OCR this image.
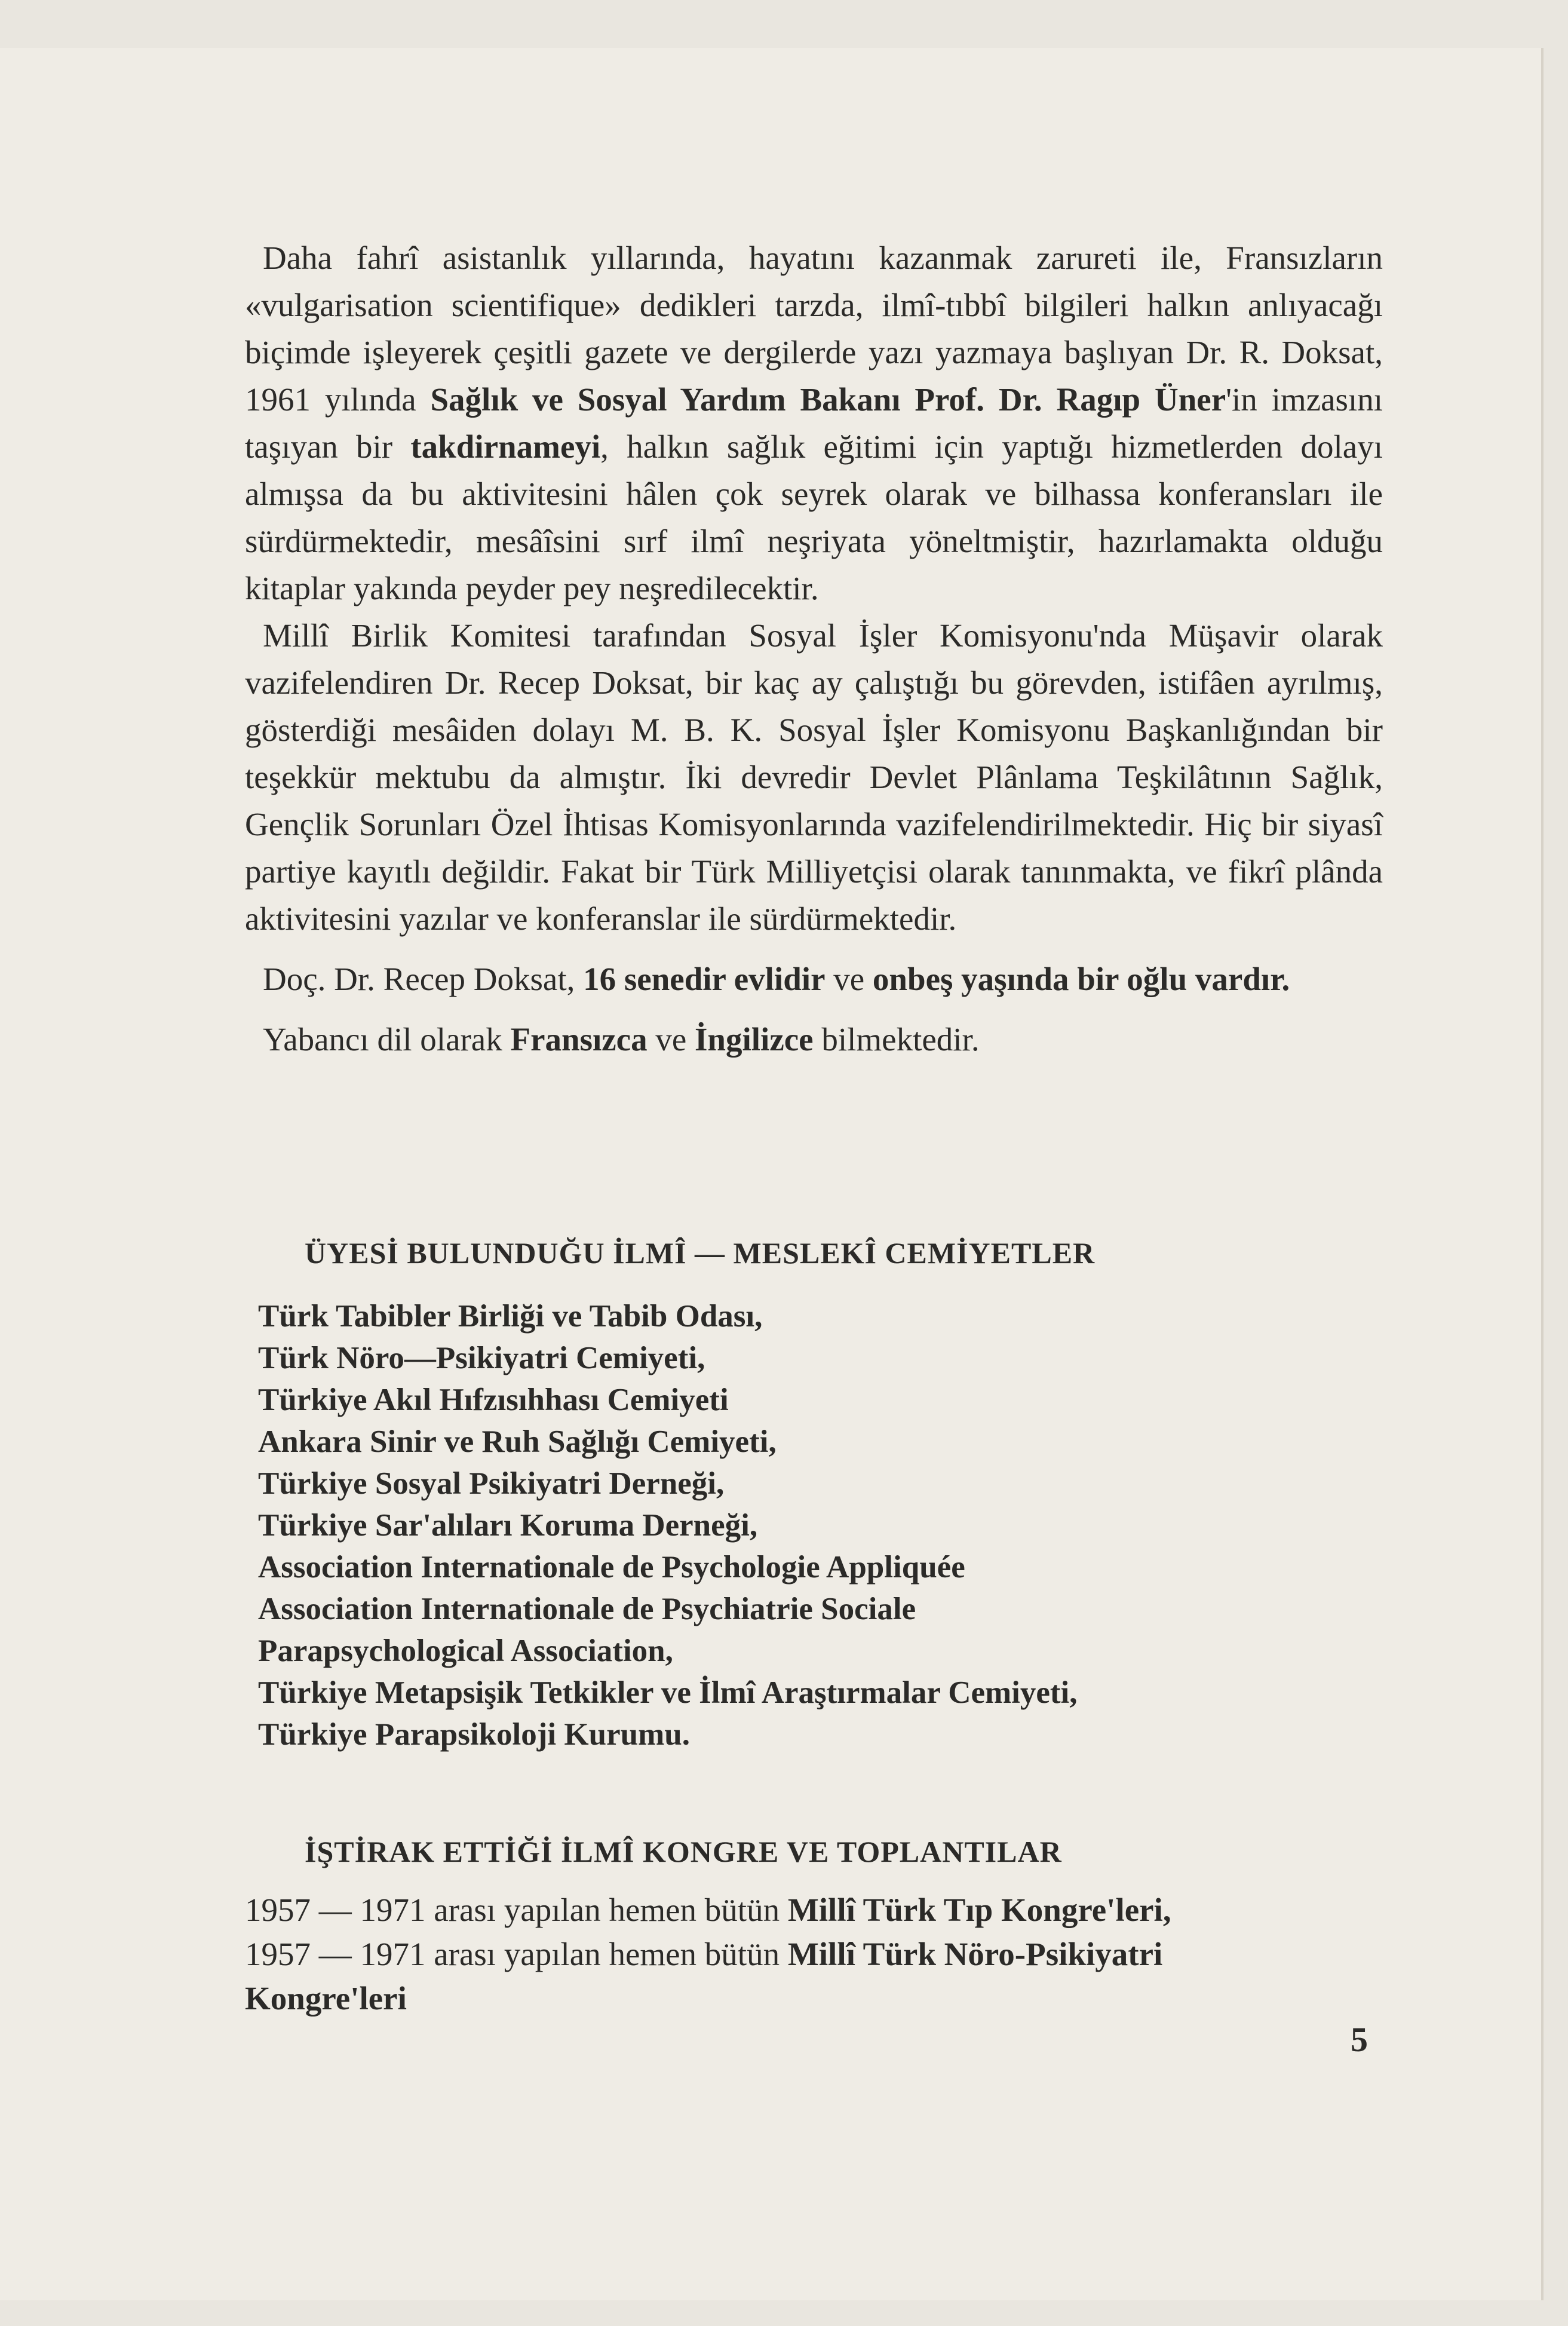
Daha fahrî asistanlık yıllarında, hayatını kazanmak zarureti ile, Fransızların «vulgarisation scientifique» dedikleri tarzda, ilmî-tıbbî bilgileri halkın anlıyacağı biçimde işleyerek çeşitli gazete ve dergilerde yazı yazmaya başlıyan Dr. R. Doksat, 1961 yılında Sağlık ve Sosyal Yardım Bakanı Prof. Dr. Ragıp Üner'in imzasını taşıyan bir takdirnameyi, halkın sağlık eğitimi için yaptığı hizmetlerden dolayı almışsa da bu aktivitesini hâlen çok seyrek olarak ve bilhassa konferansları ile sürdürmektedir, mesâîsini sırf ilmî neşriyata yöneltmiştir, hazırlamakta olduğu kitaplar yakında peyder pey neşredilecektir.

Millî Birlik Komitesi tarafından Sosyal İşler Komisyonu'nda Müşavir olarak vazifelendiren Dr. Recep Doksat, bir kaç ay çalıştığı bu görevden, istifâen ayrılmış, gösterdiği mesâiden dolayı M. B. K. Sosyal İşler Komisyonu Başkanlığından bir teşekkür mektubu da almıştır. İki devredir Devlet Plânlama Teşkilâtının Sağlık, Gençlik Sorunları Özel İhtisas Komisyonlarında vazifelendirilmektedir. Hiç bir siyasî partiye kayıtlı değildir. Fakat bir Türk Milliyetçisi olarak tanınmakta, ve fikrî plânda aktivitesini yazılar ve konferanslar ile sürdürmektedir.

Doç. Dr. Recep Doksat, 16 senedir evlidir ve onbeş yaşında bir oğlu vardır.

Yabancı dil olarak Fransızca ve İngilizce bilmektedir.

ÜYESİ BULUNDUĞU İLMÎ — MESLEKÎ CEMİYETLER
Türk Tabibler Birliği ve Tabib Odası,
Türk Nöro—Psikiyatri Cemiyeti,
Türkiye Akıl Hıfzısıhhası Cemiyeti
Ankara Sinir ve Ruh Sağlığı Cemiyeti,
Türkiye Sosyal Psikiyatri Derneği,
Türkiye Sar'alıları Koruma Derneği,
Association Internationale de Psychologie Appliquée
Association Internationale de Psychiatrie Sociale
Parapsychological Association,
Türkiye Metapsişik Tetkikler ve İlmî Araştırmalar Cemiyeti,
Türkiye Parapsikoloji Kurumu.
İŞTİRAK ETTİĞİ İLMÎ KONGRE VE TOPLANTILAR
1957 — 1971 arası yapılan hemen bütün Millî Türk Tıp Kongre'leri,
1957 — 1971 arası yapılan hemen bütün Millî Türk Nöro-Psikiyatri
Kongre'leri
5
